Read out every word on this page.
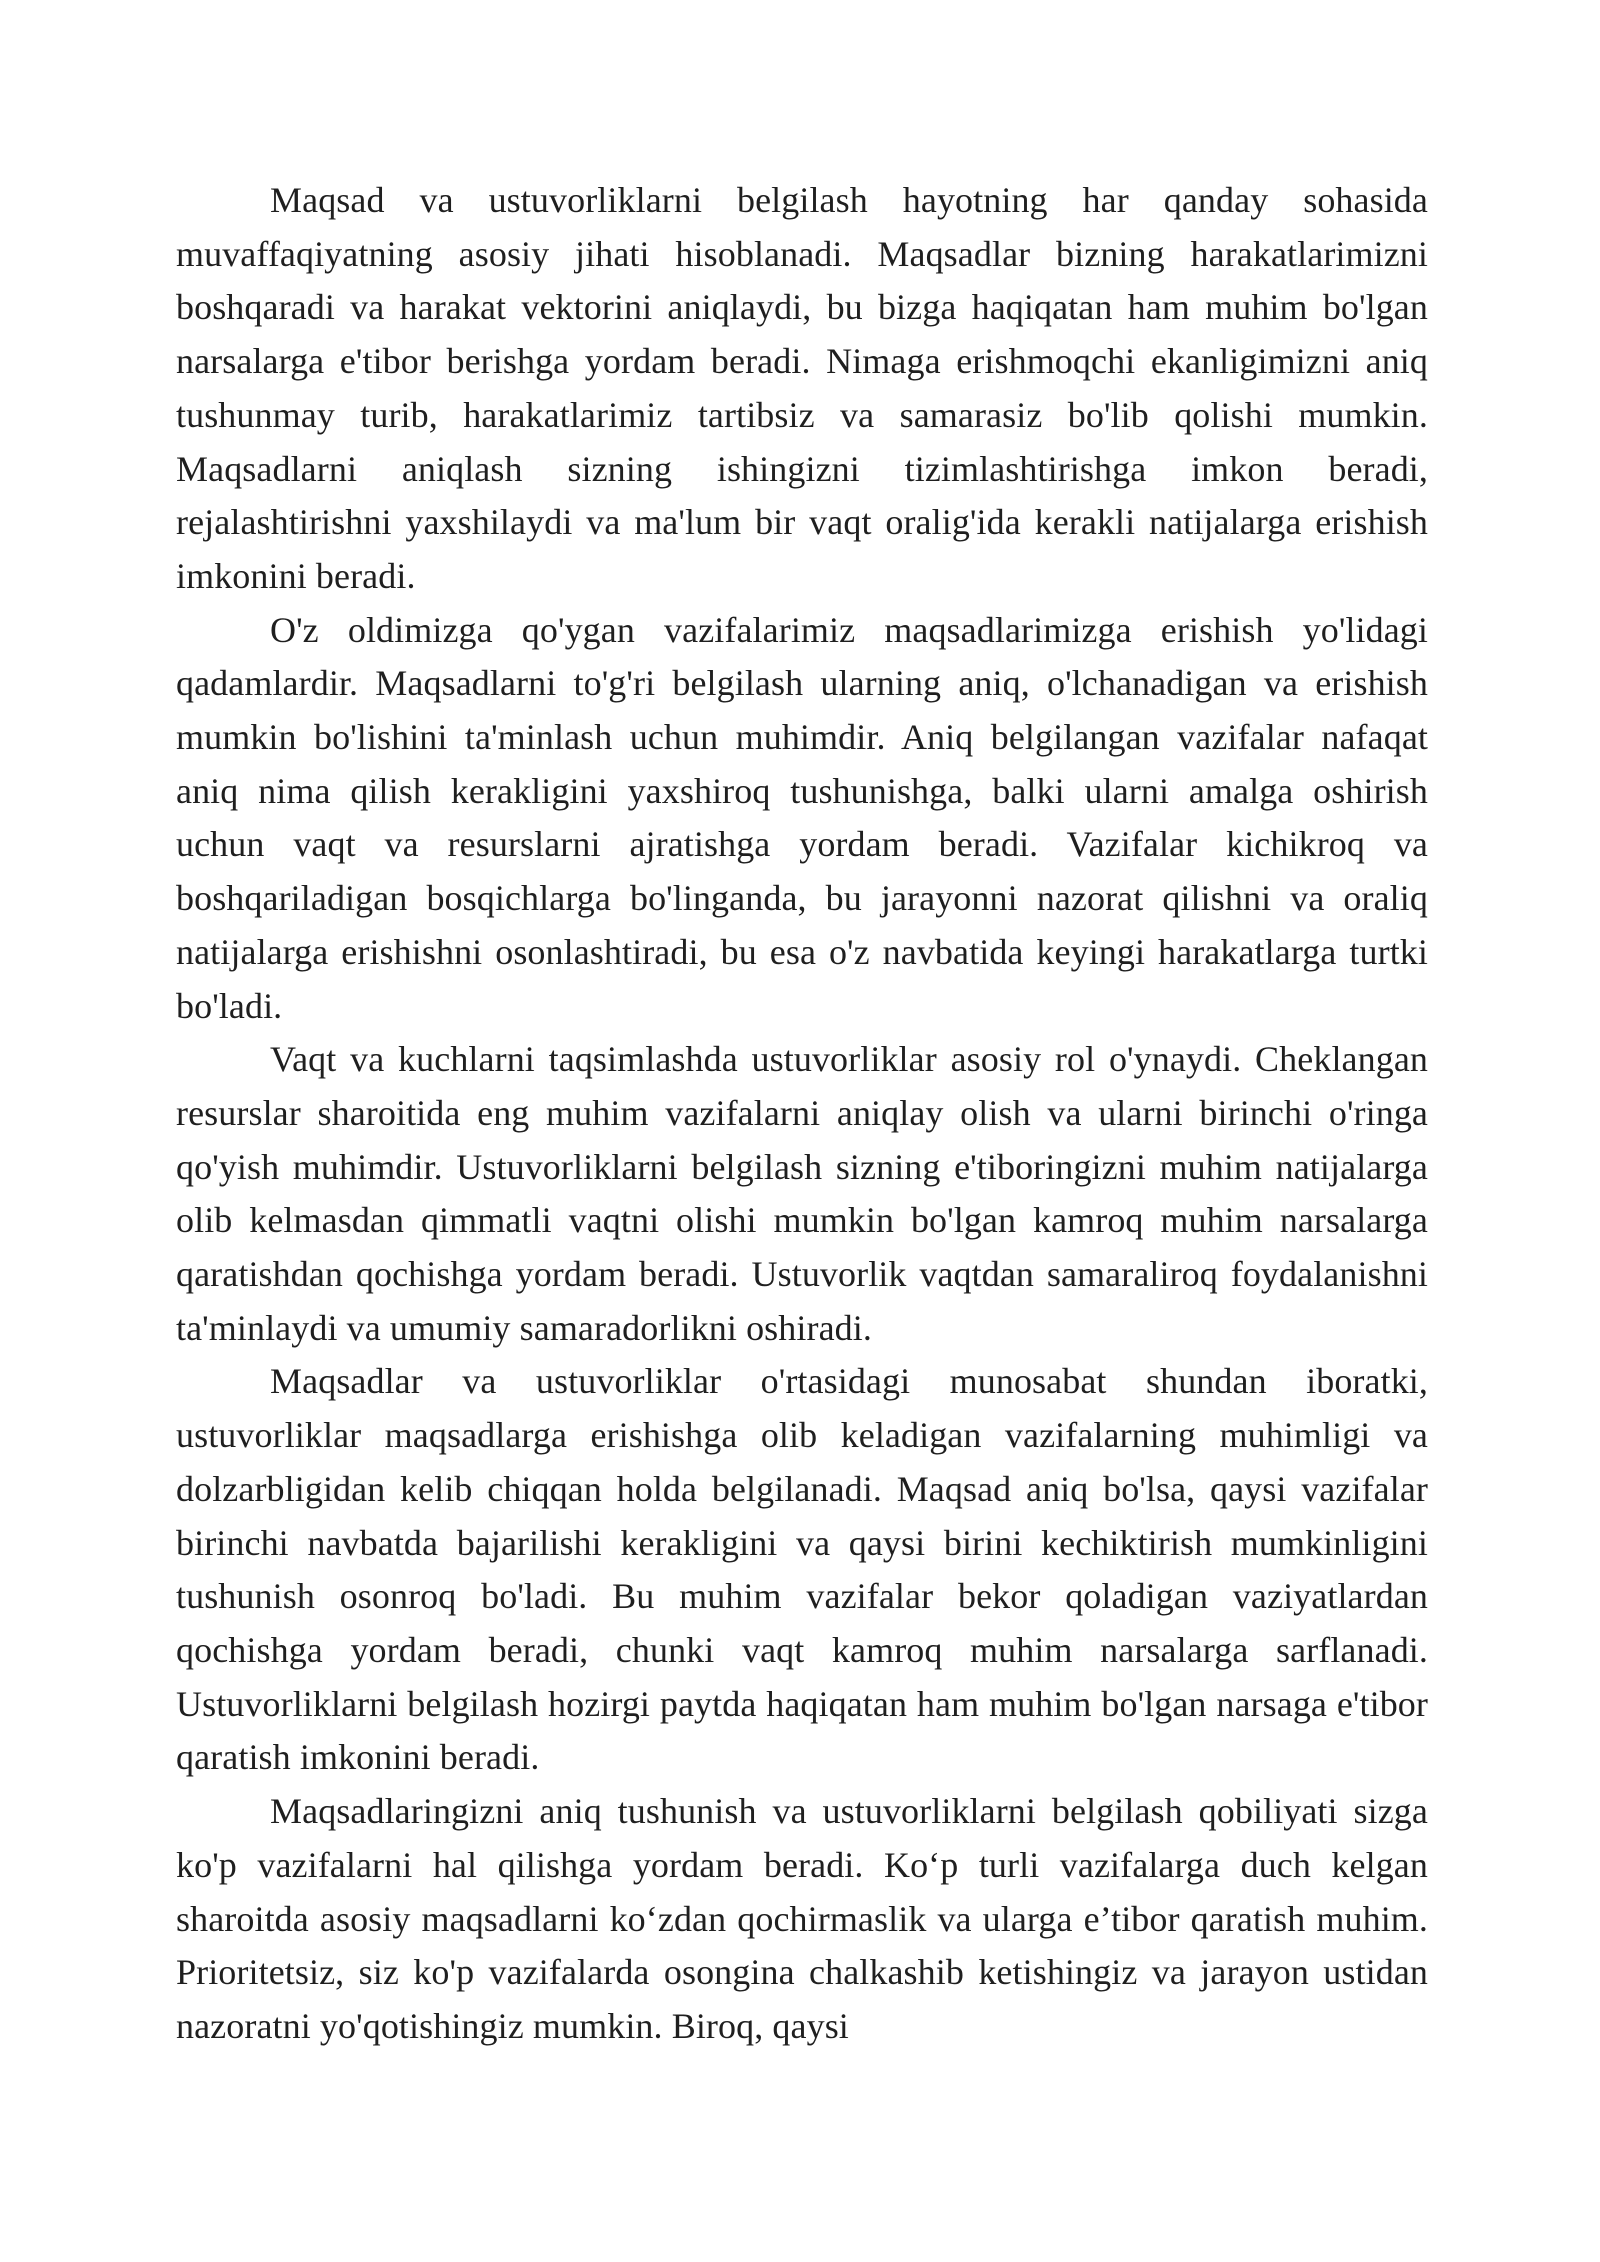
Maqsad va ustuvorliklarni belgilash hayotning har qanday sohasida muvaffaqiyatning asosiy jihati hisoblanadi. Maqsadlar bizning harakatlarimizni boshqaradi va harakat vektorini aniqlaydi, bu bizga haqiqatan ham muhim bo'lgan narsalarga e'tibor berishga yordam beradi. Nimaga erishmoqchi ekanligimizni aniq tushunmay turib, harakatlarimiz tartibsiz va samarasiz bo'lib qolishi mumkin. Maqsadlarni aniqlash sizning ishingizni tizimlashtirishga imkon beradi, rejalashtirishni yaxshilaydi va ma'lum bir vaqt oralig'ida kerakli natijalarga erishish imkonini beradi.

O'z oldimizga qo'ygan vazifalarimiz maqsadlarimizga erishish yo'lidagi qadamlardir. Maqsadlarni to'g'ri belgilash ularning aniq, o'lchanadigan va erishish mumkin bo'lishini ta'minlash uchun muhimdir. Aniq belgilangan vazifalar nafaqat aniq nima qilish kerakligini yaxshiroq tushunishga, balki ularni amalga oshirish uchun vaqt va resurslarni ajratishga yordam beradi. Vazifalar kichikroq va boshqariladigan bosqichlarga bo'linganda, bu jarayonni nazorat qilishni va oraliq natijalarga erishishni osonlashtiradi, bu esa o'z navbatida keyingi harakatlarga turtki bo'ladi.

Vaqt va kuchlarni taqsimlashda ustuvorliklar asosiy rol o'ynaydi. Cheklangan resurslar sharoitida eng muhim vazifalarni aniqlay olish va ularni birinchi o'ringa qo'yish muhimdir. Ustuvorliklarni belgilash sizning e'tiboringizni muhim natijalarga olib kelmasdan qimmatli vaqtni olishi mumkin bo'lgan kamroq muhim narsalarga qaratishdan qochishga yordam beradi. Ustuvorlik vaqtdan samaraliroq foydalanishni ta'minlaydi va umumiy samaradorlikni oshiradi.

Maqsadlar va ustuvorliklar o'rtasidagi munosabat shundan iboratki, ustuvorliklar maqsadlarga erishishga olib keladigan vazifalarning muhimligi va dolzarbligidan kelib chiqqan holda belgilanadi. Maqsad aniq bo'lsa, qaysi vazifalar birinchi navbatda bajarilishi kerakligini va qaysi birini kechiktirish mumkinligini tushunish osonroq bo'ladi. Bu muhim vazifalar bekor qoladigan vaziyatlardan qochishga yordam beradi, chunki vaqt kamroq muhim narsalarga sarflanadi. Ustuvorliklarni belgilash hozirgi paytda haqiqatan ham muhim bo'lgan narsaga e'tibor qaratish imkonini beradi.

Maqsadlaringizni aniq tushunish va ustuvorliklarni belgilash qobiliyati sizga ko'p vazifalarni hal qilishga yordam beradi. Koʻp turli vazifalarga duch kelgan sharoitda asosiy maqsadlarni koʻzdan qochirmaslik va ularga e’tibor qaratish muhim. Prioritetsiz, siz ko'p vazifalarda osongina chalkashib ketishingiz va jarayon ustidan nazoratni yo'qotishingiz mumkin. Biroq, qaysi
